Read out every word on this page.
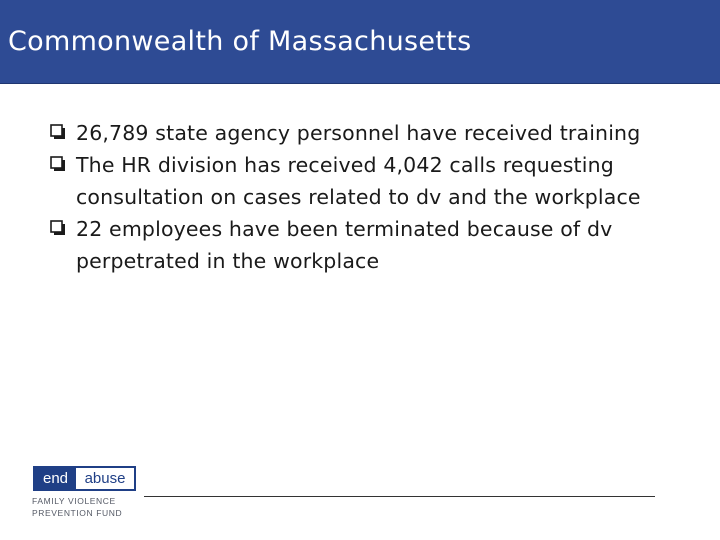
Commonwealth of Massachusetts
26,789 state agency personnel have received training
The HR division has received 4,042 calls requesting consultation on cases related to dv and the workplace
22 employees have been terminated because of dv perpetrated in the workplace
end	abuse
FAMILY VIOLENCE
PREVENTION FUND
